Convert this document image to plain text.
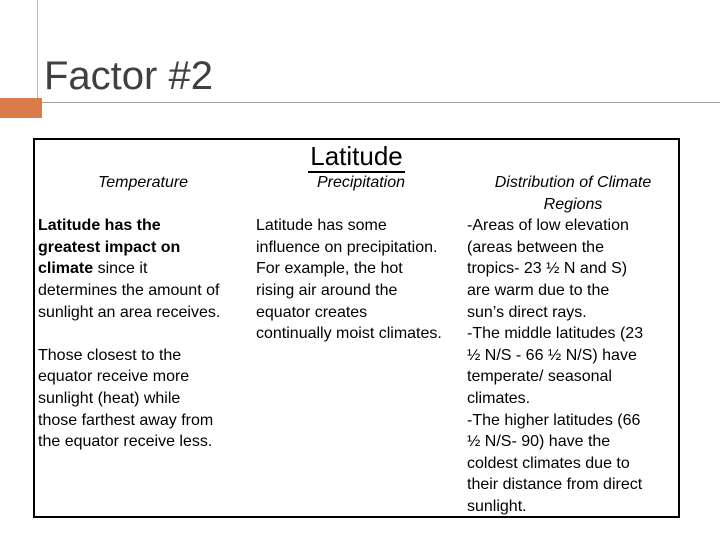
Factor #2
Latitude
Temperature

Latitude has the
greatest impact on
climate since it
determines the amount of
sunlight an area receives.

Those closest to the
equator receive more
sunlight (heat) while
those farthest away from
the equator receive less.

Precipitation

Latitude has some
influence on precipitation.
For example, the hot
rising air around the
equator creates
continually moist climates.

Distribution of Climate
Regions

-Areas of low elevation
(areas between the
tropics- 23 ½ N and S)
are warm due to the
sun’s direct rays.
-The middle latitudes (23
½ N/S - 66 ½ N/S) have
temperate/ seasonal
climates.
-The higher latitudes (66
½ N/S- 90) have the
coldest climates due to
their distance from direct
sunlight.
